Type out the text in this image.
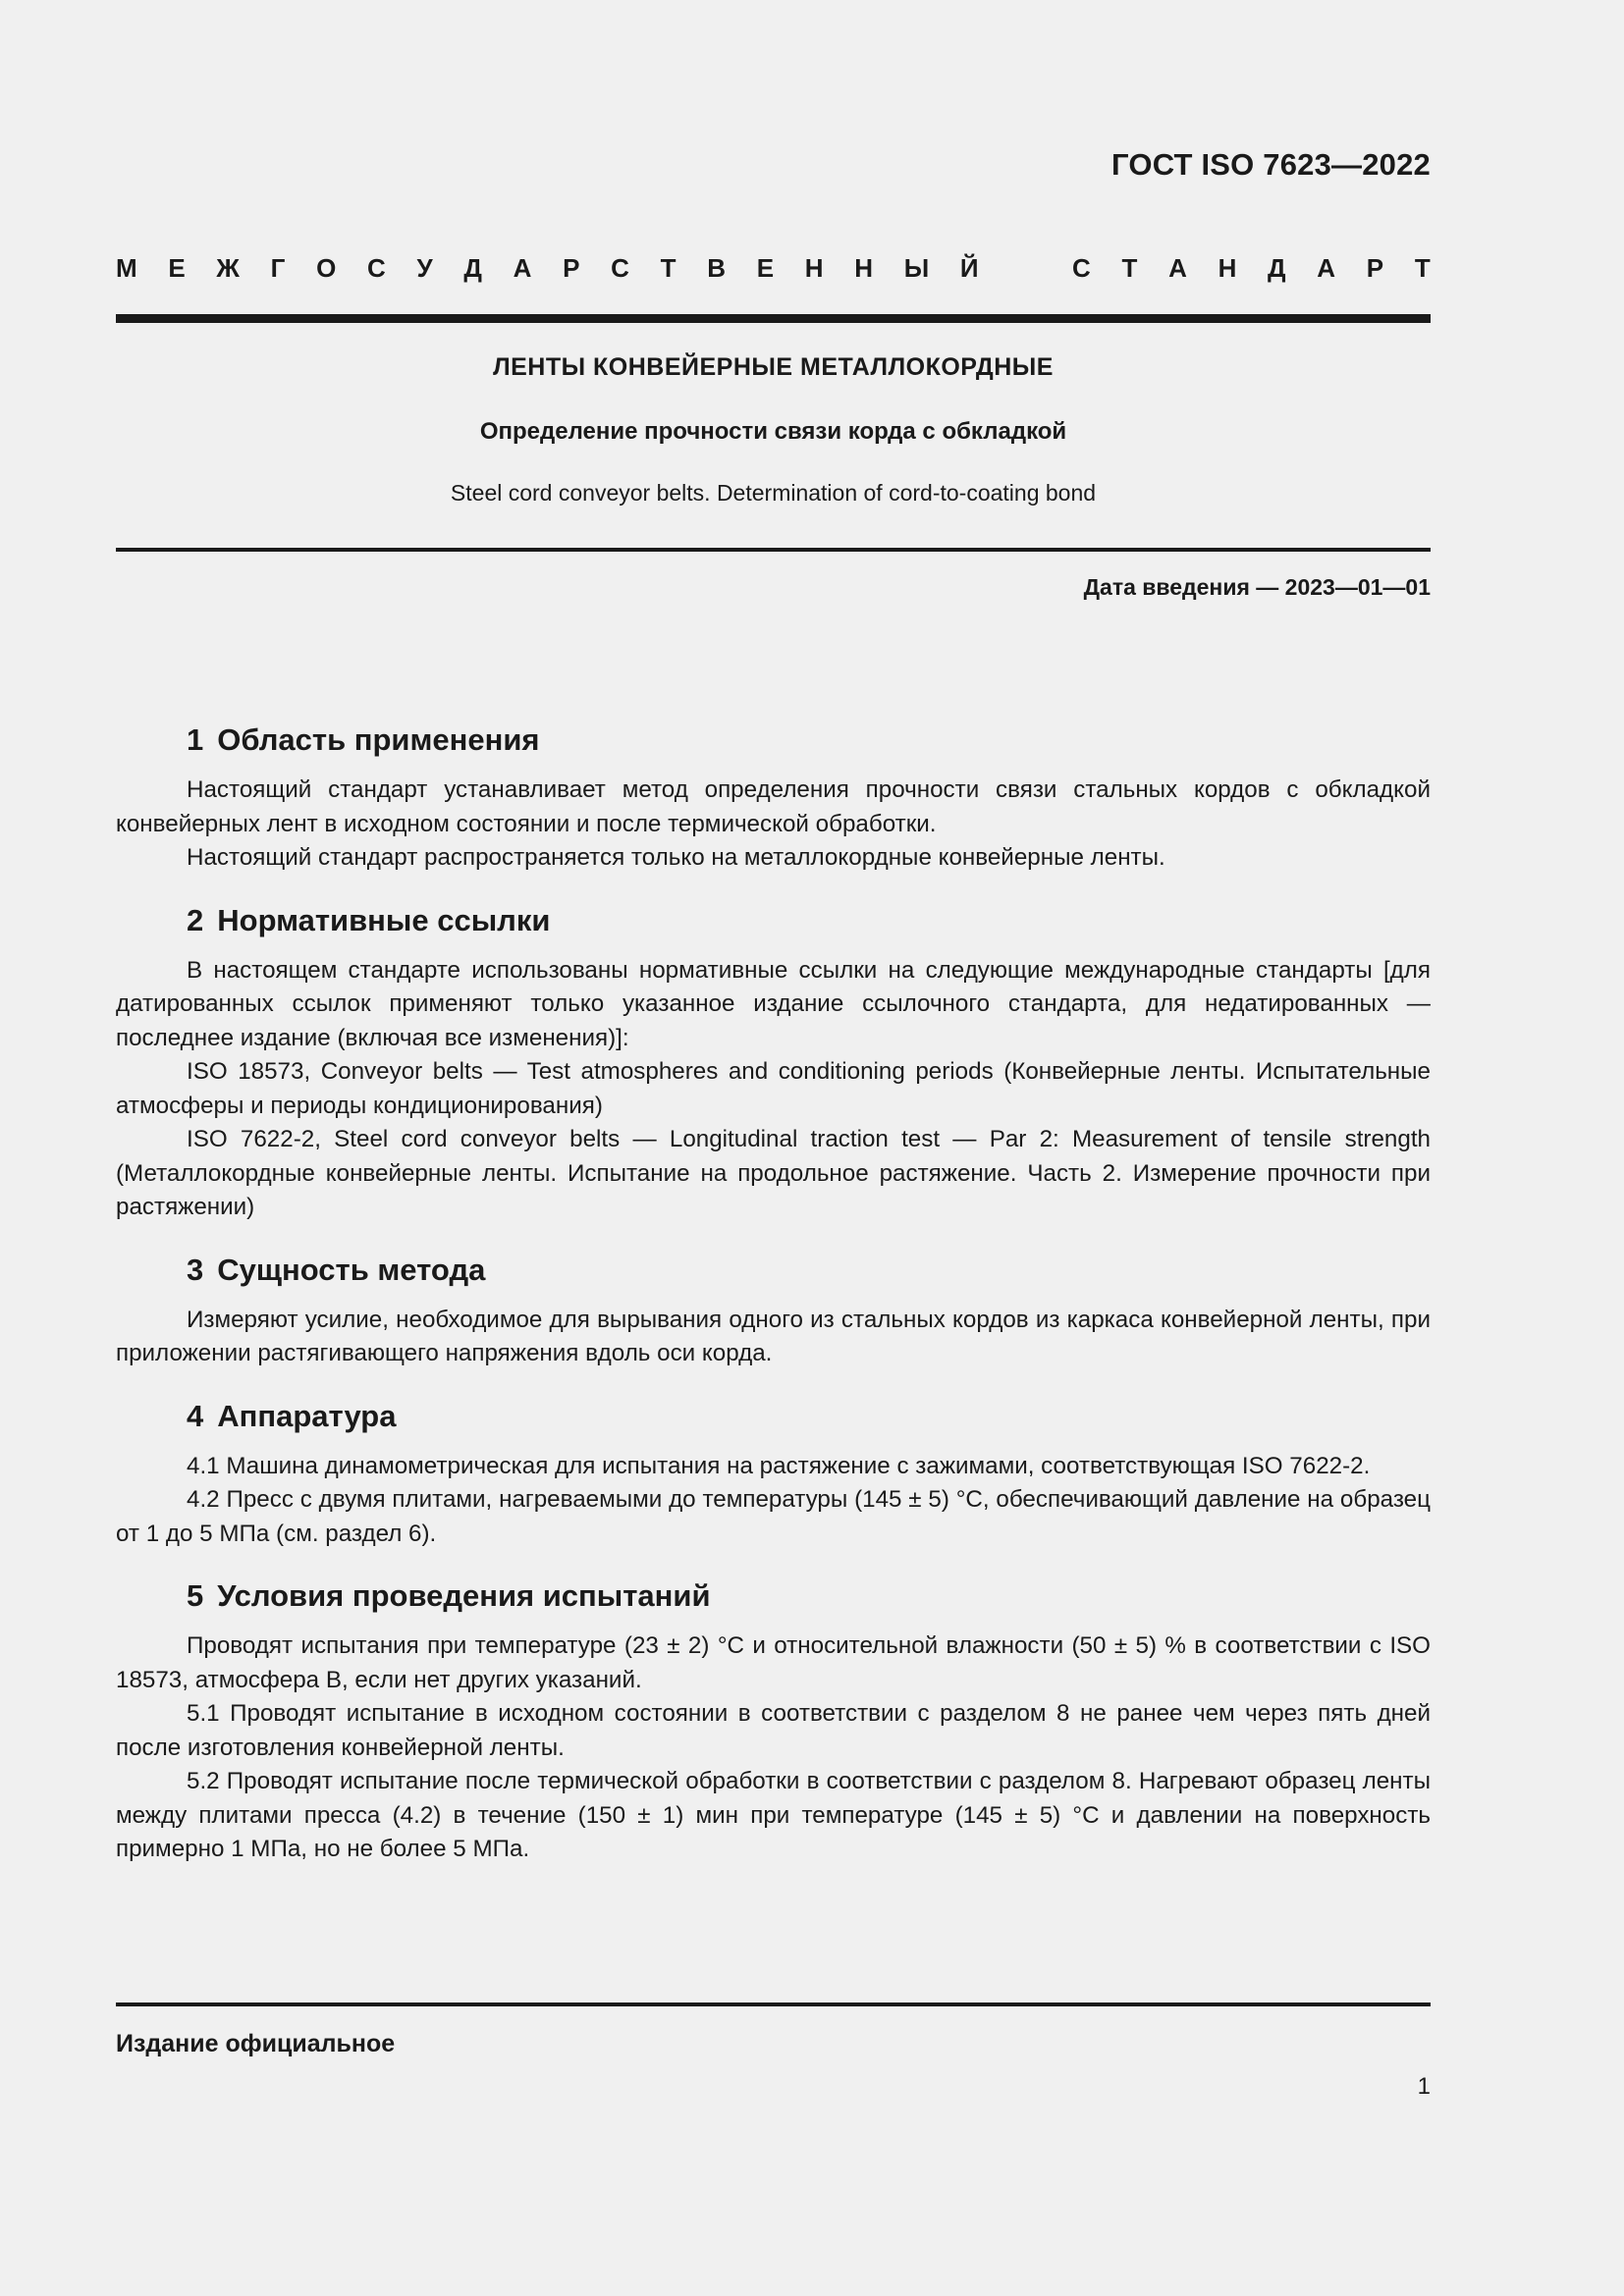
ГОСТ ISO 7623—2022
М Е Ж Г О С У Д А Р С Т В Е Н Н Ы Й	С Т А Н Д А Р Т
ЛЕНТЫ КОНВЕЙЕРНЫЕ МЕТАЛЛОКОРДНЫЕ
Определение прочности связи корда с обкладкой
Steel cord conveyor belts. Determination of cord-to-coating bond
Дата введения — 2023—01—01
1 Область применения

Настоящий стандарт устанавливает метод определения прочности связи стальных кордов с обкладкой конвейерных лент в исходном состоянии и после термической обработки.

Настоящий стандарт распространяется только на металлокордные конвейерные ленты.

2 Нормативные ссылки

В настоящем стандарте использованы нормативные ссылки на следующие международные стандарты [для датированных ссылок применяют только указанное издание ссылочного стандарта, для недатированных — последнее издание (включая все изменения)]:

ISO 18573, Conveyor belts — Test atmospheres and conditioning periods (Конвейерные ленты. Испытательные атмосферы и периоды кондиционирования)

ISO 7622-2, Steel cord conveyor belts — Longitudinal traction test — Par 2: Measurement of tensile strength (Металлокордные конвейерные ленты. Испытание на продольное растяжение. Часть 2. Измерение прочности при растяжении)

3 Сущность метода

Измеряют усилие, необходимое для вырывания одного из стальных кордов из каркаса конвейерной ленты, при приложении растягивающего напряжения вдоль оси корда.

4 Аппаратура

4.1 Машина динамометрическая для испытания на растяжение с зажимами, соответствующая ISO 7622-2.

4.2 Пресс с двумя плитами, нагреваемыми до температуры (145 ± 5) °С, обеспечивающий давление на образец от 1 до 5 МПа (см. раздел 6).

5 Условия проведения испытаний

Проводят испытания при температуре (23 ± 2) °С и относительной влажности (50 ± 5) % в соответствии с ISO 18573, атмосфера В, если нет других указаний.

5.1 Проводят испытание в исходном состоянии в соответствии с разделом 8 не ранее чем через пять дней после изготовления конвейерной ленты.

5.2 Проводят испытание после термической обработки в соответствии с разделом 8. Нагревают образец ленты между плитами пресса (4.2) в течение (150 ± 1) мин при температуре (145 ± 5) °С и давлении на поверхность примерно 1 МПа, но не более 5 МПа.

Издание официальное
1
